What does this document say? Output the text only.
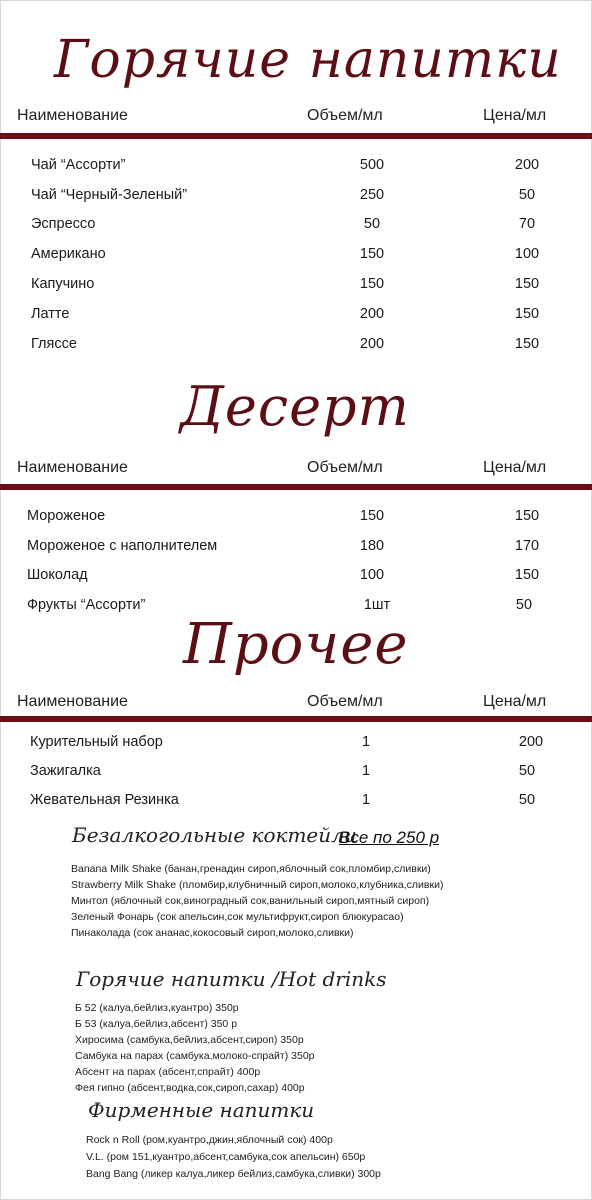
Горячие напитки
Наименование	Объем/мл	Цена/мл
Чай “Ассорти”	500	200
Чай “Черный-Зеленый”	250	50
Эспрессо	50	70
Американо	150	100
Капучино	150	150
Латте	200	150
Гляссе	200	150
Десерт
Наименование	Объем/мл	Цена/мл
Мороженое	150	150
Мороженое с наполнителем	180	170
Шоколад	100	150
Фрукты “Ассорти”	1шт	50
Прочее
Наименование	Объем/мл	Цена/мл
Курительный набор	1	200
Зажигалка	1	50
Жевательная Резинка	1	50
Безалкогольные коктейли
Все по 250 р
Banana Milk Shake (банан,гренадин сироп,яблочный сок,пломбир,сливки)
Strawberry Milk Shake (пломбир,клубничный сироп,молоко,клубника,сливки)
Минтол (яблочный сок,виноградный сок,ванильный сироп,мятный сироп)
Зеленый Фонарь (сок апельсин,сок мультифрукт,сироп блюкурасао)
Пинаколада (сок ананас,кокосовый сироп,молоко,сливки)
Горячие напитки /Hot drinks
Б 52 (калуа,бейлиз,куантро) 350р
Б 53 (калуа,бейлиз,абсент) 350 р
Хиросима (самбука,бейлиз,абсент,сироп) 350р
Самбука на парах (самбука,молоко-спрайт) 350р
Абсент на парах (абсент,спрайт) 400р
Фея гипно (абсент,водка,сок,сироп,сахар) 400р
Фирменные напитки
Rock n Roll (ром,куантро,джин,яблочный сок) 400р
V.L. (ром 151,куантро,абсент,самбука,сок апельсин) 650р
Bang Bang (ликер калуа,ликер бейлиз,самбука,сливки) 300р
